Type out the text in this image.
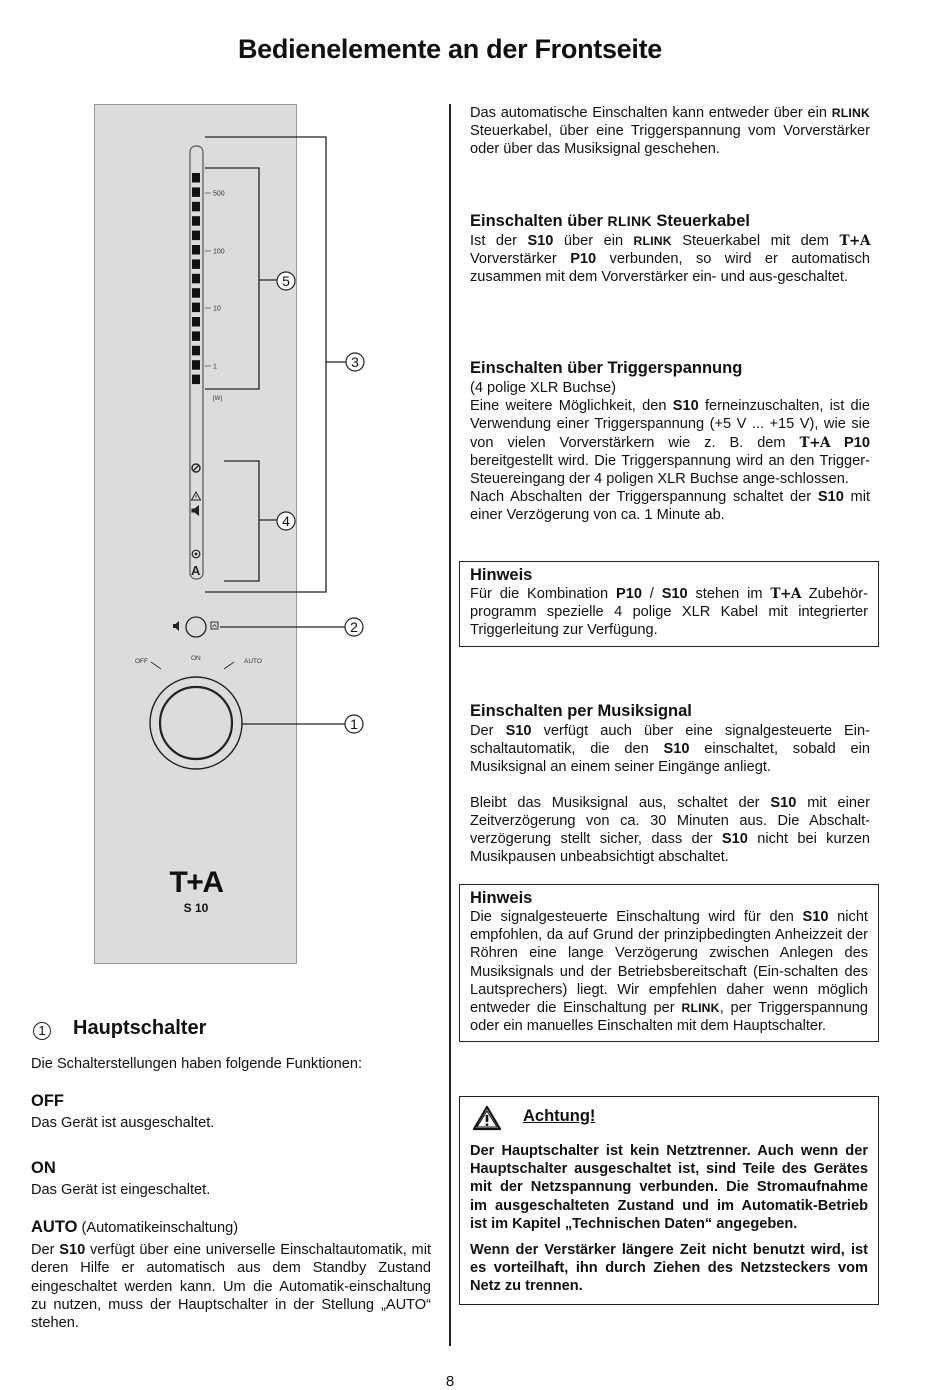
Bedienelemente an der Frontseite
500
100
10
1
[W]
A
5
3
4
2
1
OFF	ON	AUTO
T+A
S 10

Das automatische Einschalten kann entweder über ein RLINK Steuerkabel, über eine Triggerspannung vom Vorverstärker oder über das Musiksignal geschehen.

Einschalten über RLINK Steuerkabel

Ist der S10 über ein RLINK Steuerkabel mit dem T+A Vorverstärker P10 verbunden, so wird er automatisch zusammen mit dem Vorverstärker ein- und aus-geschaltet.

Einschalten über Triggerspannung

(4 polige XLR Buchse)

Eine weitere Möglichkeit, den S10 ferneinzuschalten, ist die Verwendung einer Triggerspannung (+5 V ... +15 V), wie sie von vielen Vorverstärkern wie z. B. dem T+A P10 bereitgestellt wird. Die Triggerspannung wird an den Trigger-Steuereingang der 4 poligen XLR Buchse ange-schlossen.

Nach Abschalten der Triggerspannung schaltet der S10 mit einer Verzögerung von ca. 1 Minute ab.

Hinweis

Für die Kombination P10 / S10 stehen im T+A Zubehör-programm spezielle 4 polige XLR Kabel mit integrierter Triggerleitung zur Verfügung.

Einschalten per Musiksignal

Der S10 verfügt auch über eine signalgesteuerte Ein-schaltautomatik, die den S10 einschaltet, sobald ein Musiksignal an einem seiner Eingänge anliegt.

Bleibt das Musiksignal aus, schaltet der S10 mit einer Zeitverzögerung von ca. 30 Minuten aus. Die Abschalt-verzögerung stellt sicher, dass der S10 nicht bei kurzen Musikpausen unbeabsichtigt abschaltet.

Hinweis

Die signalgesteuerte Einschaltung wird für den S10 nicht empfohlen, da auf Grund der prinzipbedingten Anheizzeit der Röhren eine lange Verzögerung zwischen Anlegen des Musiksignals und der Betriebsbereitschaft (Ein-schalten des Lautsprechers) liegt. Wir empfehlen daher wenn möglich entweder die Einschaltung per RLINK, per Triggerspannung oder ein manuelles Einschalten mit dem Hauptschalter.

Achtung!

Der Hauptschalter ist kein Netztrenner. Auch wenn der Hauptschalter ausgeschaltet ist, sind Teile des Gerätes mit der Netzspannung verbunden. Die Stromaufnahme im ausgeschalteten Zustand und im Automatik-Betrieb ist im Kapitel „Technischen Daten“ angegeben.

Wenn der Verstärker längere Zeit nicht benutzt wird, ist es vorteilhaft, ihn durch Ziehen des Netzsteckers vom Netz zu trennen.

1 Hauptschalter

Die Schalterstellungen haben folgende Funktionen:

OFF

Das Gerät ist ausgeschaltet.

ON

Das Gerät ist eingeschaltet.

AUTO (Automatikeinschaltung)

Der S10 verfügt über eine universelle Einschaltautomatik, mit deren Hilfe er automatisch aus dem Standby Zustand eingeschaltet werden kann. Um die Automatik-einschaltung zu nutzen, muss der Hauptschalter in der Stellung „AUTO“ stehen.

8
